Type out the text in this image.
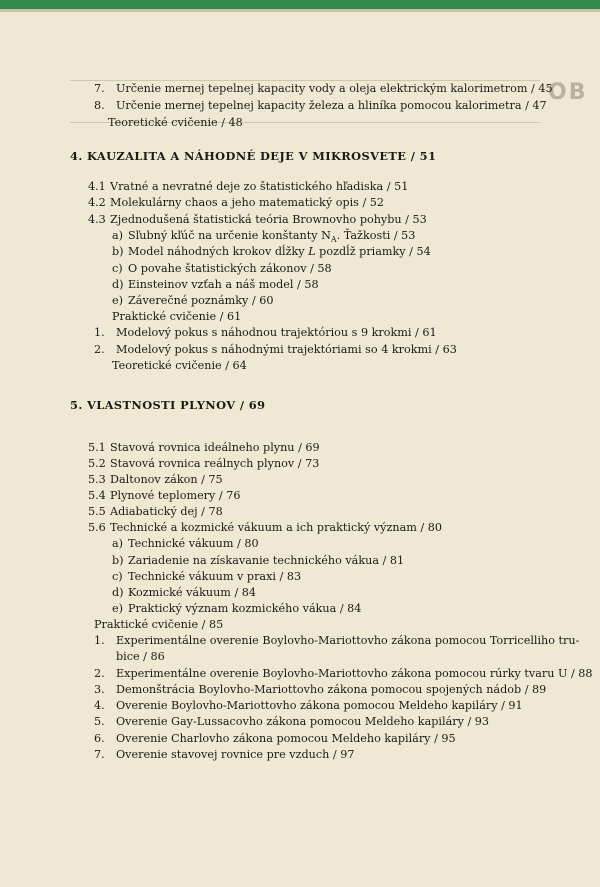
OB
7. Určenie mernej tepelnej kapacity vody a oleja elektrickým kalorimetrom / 45
8. Určenie mernej tepelnej kapacity železa a hliníka pomocou kalorimetra / 47
Teoretické cvičenie / 48
4. KAUZALITA A NÁHODNÉ DEJE V MIKROSVETE / 51
4.1 Vratné a nevratné deje zo štatistického hľadiska / 51
4.2 Molekulárny chaos a jeho matematický opis / 52
4.3 Zjednodušená štatistická teória Brownovho pohybu / 53
a) Sľubný kľúč na určenie konštanty $N_A$. Ťažkosti / 53
b) Model náhodných krokov dĺžky L pozdĺž priamky / 54
c) O povahe štatistických zákonov / 58
d) Einsteinov vzťah a náš model / 58
e) Záverečné poznámky / 60
Praktické cvičenie / 61
1. Modelový pokus s náhodnou trajektóriou s 9 krokmi / 61
2. Modelový pokus s náhodnými trajektóriami so 4 krokmi / 63
Teoretické cvičenie / 64
5. VLASTNOSTI PLYNOV / 69
5.1 Stavová rovnica ideálneho plynu / 69
5.2 Stavová rovnica reálnych plynov / 73
5.3 Daltonov zákon / 75
5.4 Plynové teplomery / 76
5.5 Adiabatický dej / 78
5.6 Technické a kozmické vákuum a ich praktický význam / 80
a) Technické vákuum / 80
b) Zariadenie na získavanie technického vákua / 81
c) Technické vákuum v praxi / 83
d) Kozmické vákuum / 84
e) Praktický význam kozmického vákua / 84
Praktické cvičenie / 85
1. Experimentálne overenie Boylovho-Mariottovho zákona pomocou Torricelliho tru-
bice / 86
2. Experimentálne overenie Boylovho-Mariottovho zákona pomocou rúrky tvaru U / 88
3. Demonštrácia Boylovho-Mariottovho zákona pomocou spojených nádob / 89
4. Overenie Boylovho-Mariottovho zákona pomocou Meldeho kapiláry / 91
5. Overenie Gay-Lussacovho zákona pomocou Meldeho kapiláry / 93
6. Overenie Charlovho zákona pomocou Meldeho kapiláry / 95
7. Overenie stavovej rovnice pre vzduch / 97
